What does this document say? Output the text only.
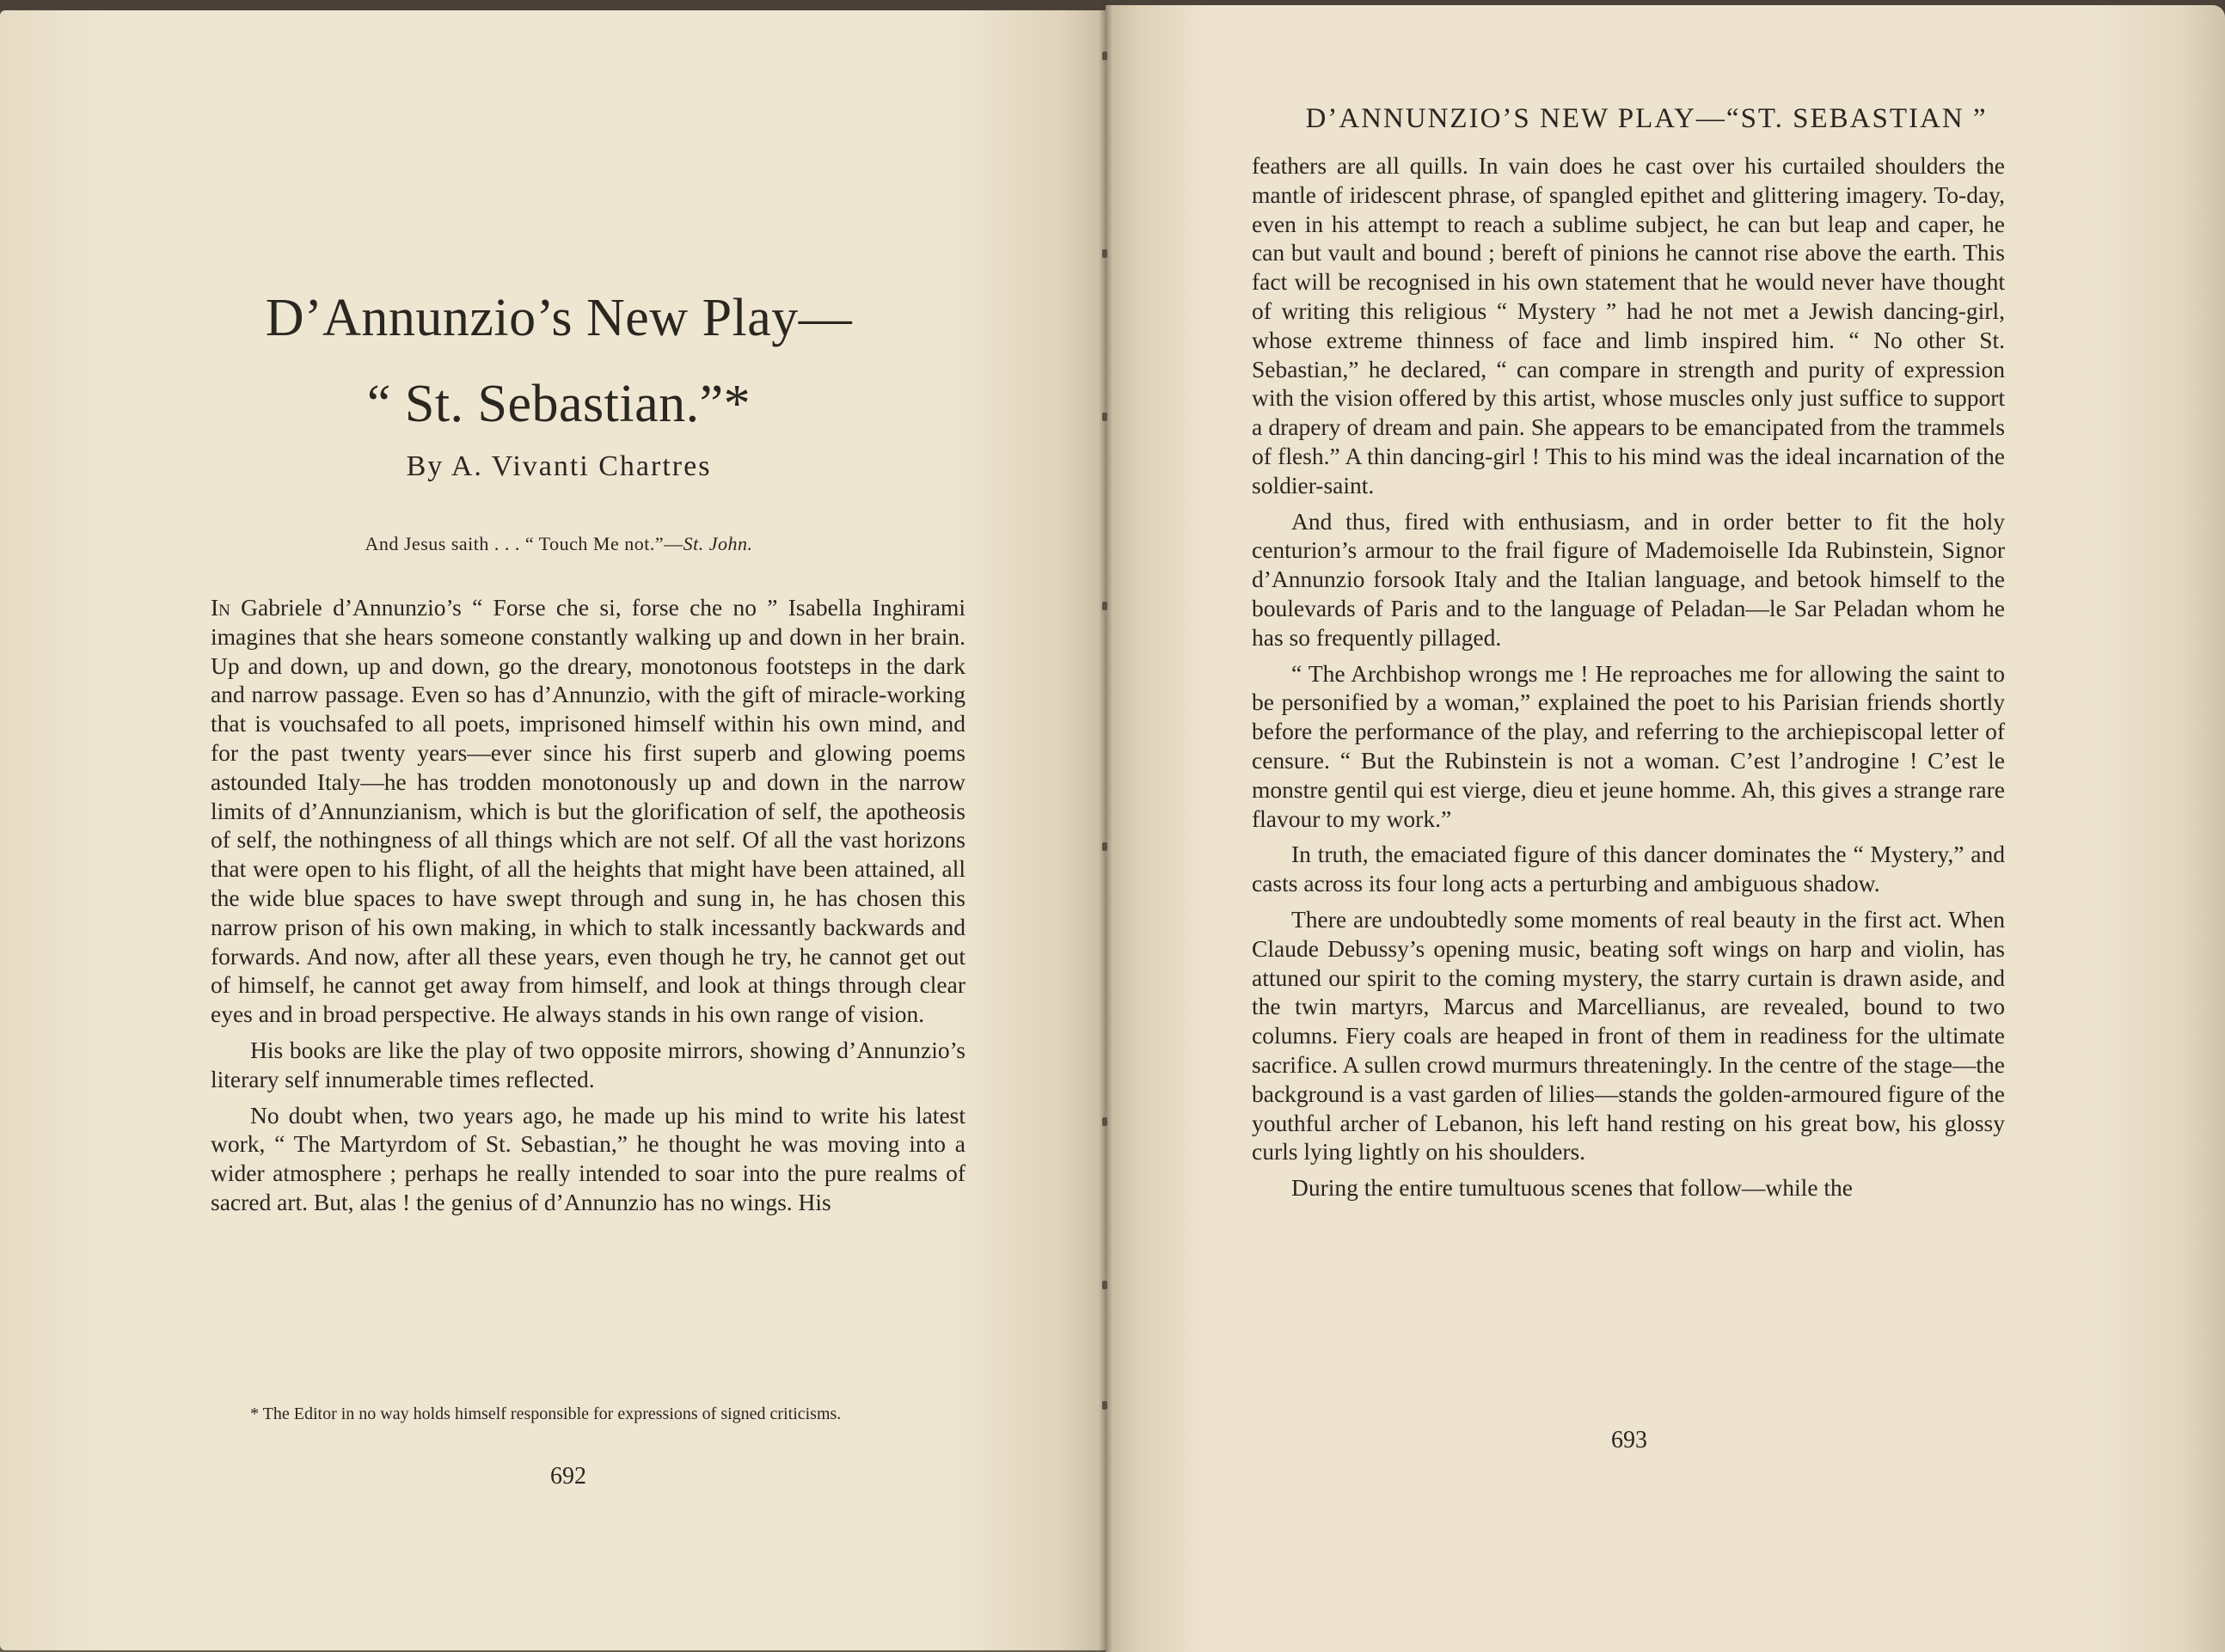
D’Annunzio’s New Play—
“ St. Sebastian.”*
By A. Vivanti Chartres
And Jesus saith . . . “ Touch Me not.”—St. John.

In Gabriele d’Annunzio’s “ Forse che si, forse che no ” Isabella Inghirami imagines that she hears someone constantly walking up and down in her brain. Up and down, up and down, go the dreary, monotonous footsteps in the dark and narrow passage. Even so has d’Annunzio, with the gift of miracle-working that is vouchsafed to all poets, imprisoned himself within his own mind, and for the past twenty years—ever since his first superb and glowing poems astounded Italy—he has trodden monotonously up and down in the narrow limits of d’Annunzianism, which is but the glorification of self, the apotheosis of self, the nothingness of all things which are not self. Of all the vast horizons that were open to his flight, of all the heights that might have been attained, all the wide blue spaces to have swept through and sung in, he has chosen this narrow prison of his own making, in which to stalk incessantly backwards and forwards. And now, after all these years, even though he try, he cannot get out of himself, he cannot get away from himself, and look at things through clear eyes and in broad perspective. He always stands in his own range of vision.

His books are like the play of two opposite mirrors, showing d’Annunzio’s literary self innumerable times reflected.

No doubt when, two years ago, he made up his mind to write his latest work, “ The Martyrdom of St. Sebastian,” he thought he was moving into a wider atmosphere ; perhaps he really intended to soar into the pure realms of sacred art. But, alas ! the genius of d’Annunzio has no wings. His

* The Editor in no way holds himself responsible for expressions of signed criticisms.
692
D’ANNUNZIO’S NEW PLAY—“ST. SEBASTIAN ”

feathers are all quills. In vain does he cast over his curtailed shoulders the mantle of iridescent phrase, of spangled epithet and glittering imagery. To-day, even in his attempt to reach a sublime subject, he can but leap and caper, he can but vault and bound ; bereft of pinions he cannot rise above the earth. This fact will be recognised in his own statement that he would never have thought of writing this religious “ Mystery ” had he not met a Jewish dancing-girl, whose extreme thinness of face and limb inspired him. “ No other St. Sebastian,” he declared, “ can compare in strength and purity of expression with the vision offered by this artist, whose muscles only just suffice to support a drapery of dream and pain. She appears to be emancipated from the trammels of flesh.” A thin dancing-girl ! This to his mind was the ideal incarnation of the soldier-saint.

And thus, fired with enthusiasm, and in order better to fit the holy centurion’s armour to the frail figure of Mademoiselle Ida Rubinstein, Signor d’Annunzio forsook Italy and the Italian language, and betook himself to the boulevards of Paris and to the language of Peladan—le Sar Peladan whom he has so frequently pillaged.

“ The Archbishop wrongs me ! He reproaches me for allowing the saint to be personified by a woman,” explained the poet to his Parisian friends shortly before the performance of the play, and referring to the archiepiscopal letter of censure. “ But the Rubinstein is not a woman. C’est l’androgine ! C’est le monstre gentil qui est vierge, dieu et jeune homme. Ah, this gives a strange rare flavour to my work.”

In truth, the emaciated figure of this dancer dominates the “ Mystery,” and casts across its four long acts a perturbing and ambiguous shadow.

There are undoubtedly some moments of real beauty in the first act. When Claude Debussy’s opening music, beating soft wings on harp and violin, has attuned our spirit to the coming mystery, the starry curtain is drawn aside, and the twin martyrs, Marcus and Marcellianus, are revealed, bound to two columns. Fiery coals are heaped in front of them in readiness for the ultimate sacrifice. A sullen crowd murmurs threateningly. In the centre of the stage—the background is a vast garden of lilies—stands the golden-armoured figure of the youthful archer of Lebanon, his left hand resting on his great bow, his glossy curls lying lightly on his shoulders.

During the entire tumultuous scenes that follow—while the

693
